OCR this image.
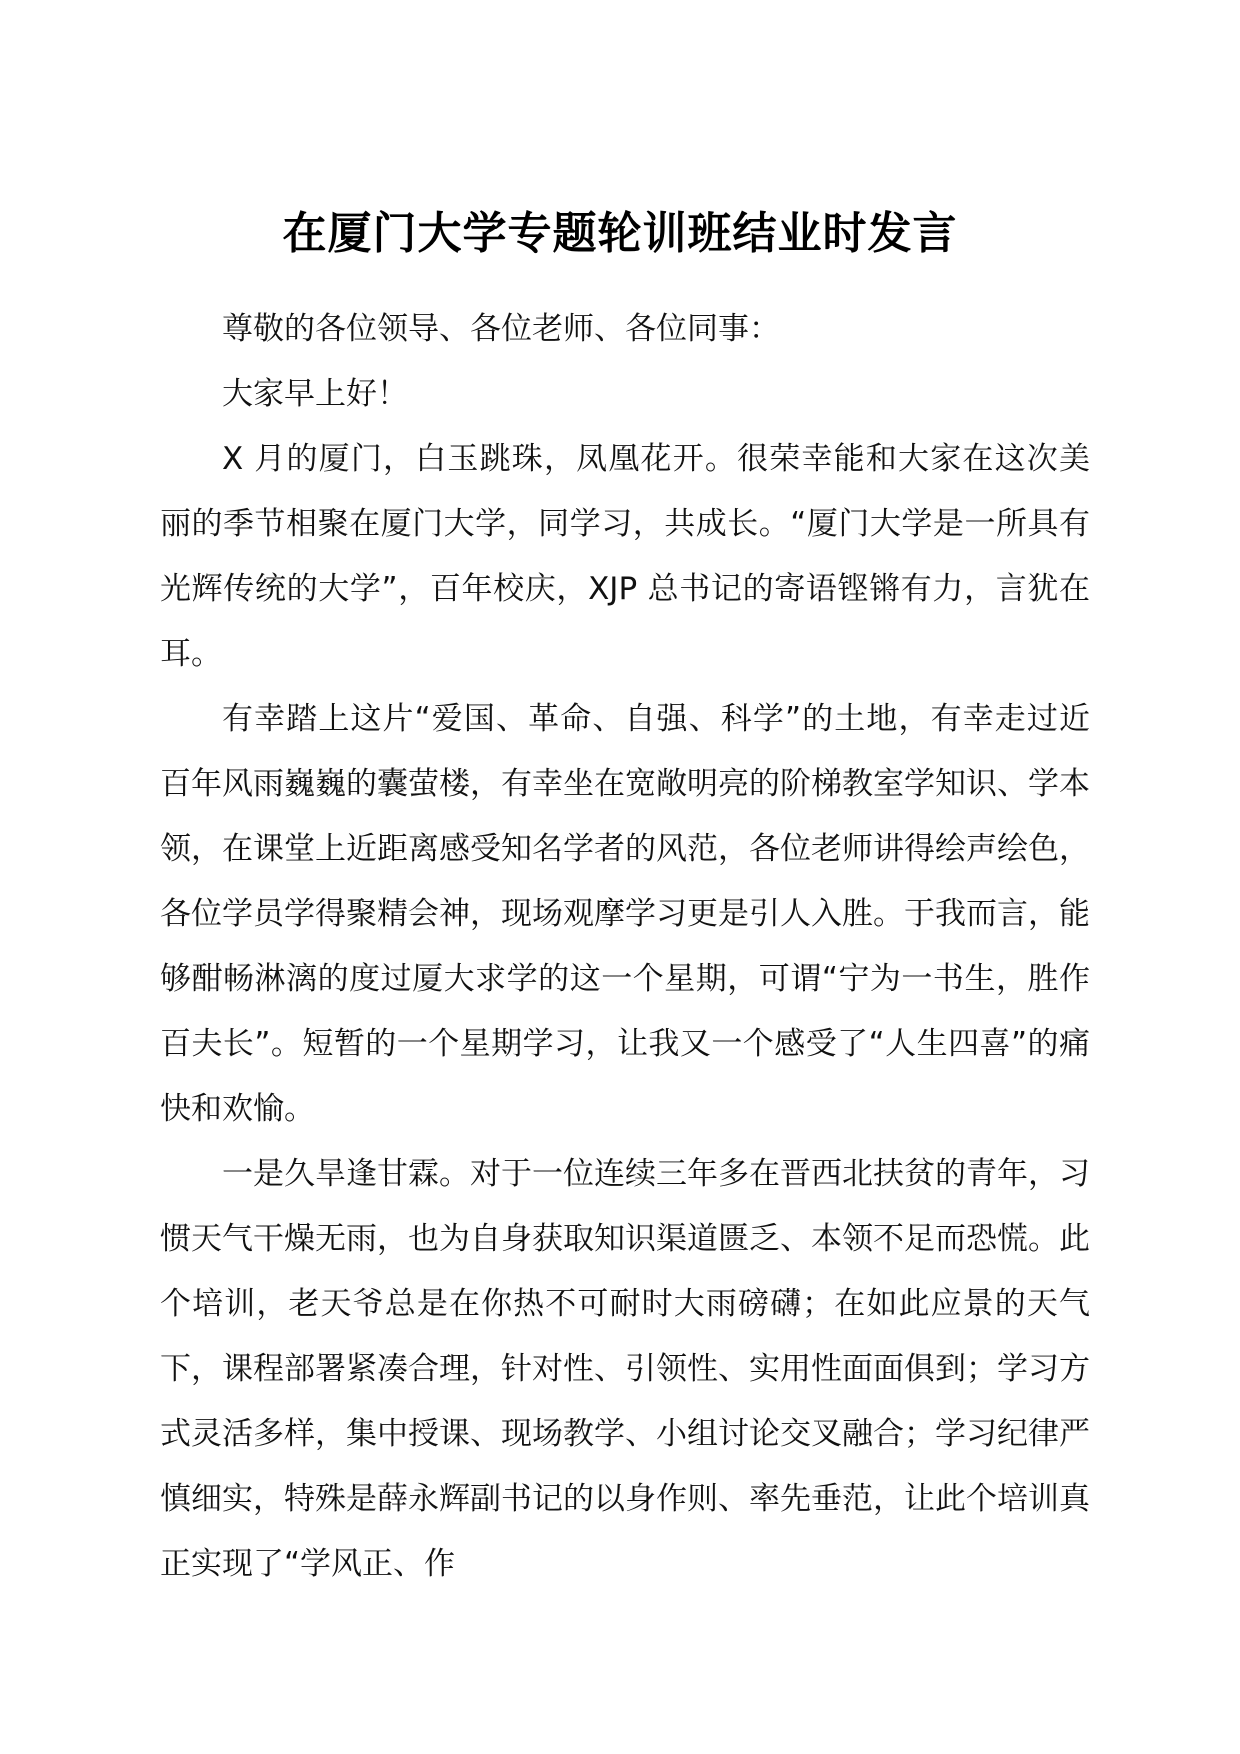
在厦门大学专题轮训班结业时发言

尊敬的各位领导、各位老师、各位同事：

大家早上好！

X 月的厦门，白玉跳珠，凤凰花开。很荣幸能和大家在这次美丽的季节相聚在厦门大学，同学习，共成长。“厦门大学是一所具有光辉传统的大学”，百年校庆，XJP 总书记的寄语铿锵有力，言犹在耳。

有幸踏上这片“爱国、革命、自强、科学”的土地，有幸走过近百年风雨巍巍的囊萤楼，有幸坐在宽敞明亮的阶梯教室学知识、学本领，在课堂上近距离感受知名学者的风范，各位老师讲得绘声绘色，各位学员学得聚精会神，现场观摩学习更是引人入胜。于我而言，能够酣畅淋漓的度过厦大求学的这一个星期，可谓“宁为一书生，胜作百夫长”。短暂的一个星期学习，让我又一个感受了“人生四喜”的痛快和欢愉。

一是久旱逢甘霖。对于一位连续三年多在晋西北扶贫的青年，习惯天气干燥无雨，也为自身获取知识渠道匮乏、本领不足而恐慌。此个培训，老天爷总是在你热不可耐时大雨磅礴；在如此应景的天气下，课程部署紧凑合理，针对性、引领性、实用性面面俱到；学习方式灵活多样，集中授课、现场教学、小组讨论交叉融合；学习纪律严慎细实，特殊是薛永辉副书记的以身作则、率先垂范，让此个培训真正实现了“学风正、作
